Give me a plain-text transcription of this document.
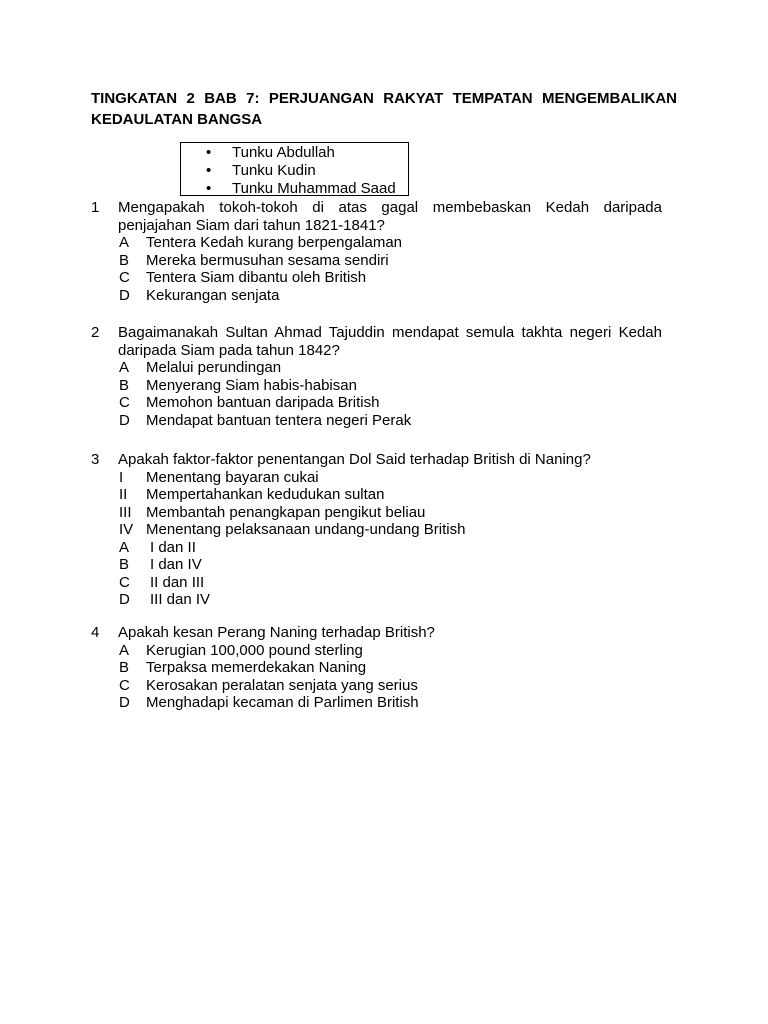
TINGKATAN 2 BAB 7: PERJUANGAN RAKYAT TEMPATAN MENGEMBALIKAN KEDAULATAN BANGSA
•	Tunku Abdullah
•	Tunku Kudin
•	Tunku Muhammad Saad
1	Mengapakah tokoh-tokoh di atas gagal membebaskan Kedah daripada penjajahan Siam dari tahun 1821-1841?
A	Tentera Kedah kurang berpengalaman
B	Mereka bermusuhan sesama sendiri
C	Tentera Siam dibantu oleh British
D	Kekurangan senjata
2	Bagaimanakah Sultan Ahmad Tajuddin mendapat semula takhta negeri Kedah daripada Siam pada tahun 1842?
A	Melalui perundingan
B	Menyerang Siam habis-habisan
C	Memohon bantuan daripada British
D	Mendapat bantuan tentera negeri Perak
3	Apakah faktor-faktor penentangan Dol Said terhadap British di Naning?
I	Menentang bayaran cukai
II	Mempertahankan kedudukan sultan
III Membantah penangkapan pengikut beliau
IV Menentang pelaksanaan undang-undang British
A	I dan II
B	I dan IV
C	II dan III
D	III dan IV
4	Apakah kesan Perang Naning terhadap British?
A	Kerugian 100,000 pound sterling
B	Terpaksa memerdekakan Naning
C	Kerosakan peralatan senjata yang serius
D	Menghadapi kecaman di Parlimen British
